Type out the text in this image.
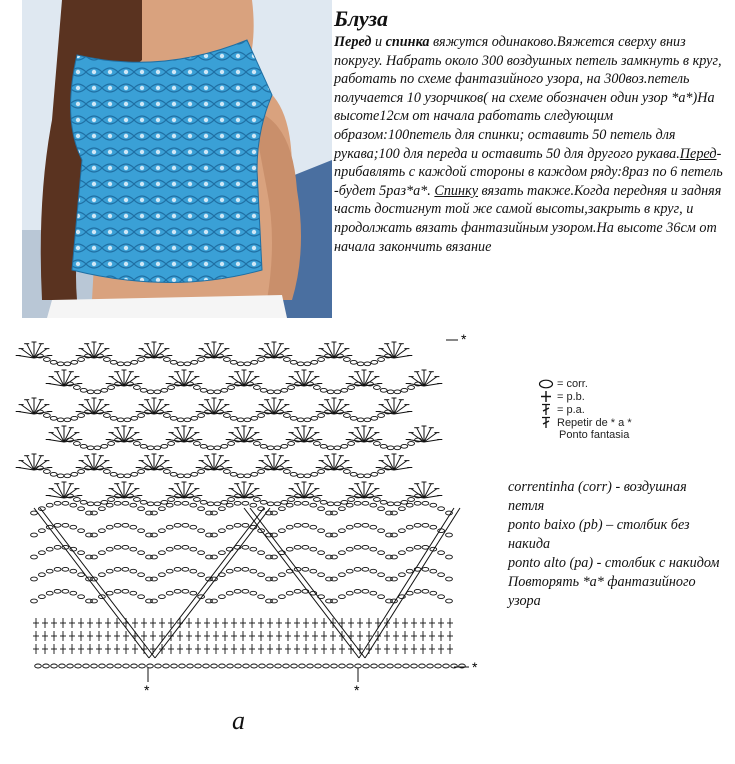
Блуза
Перед и спинка вяжутся одинаково.Вяжется сверху вниз покругу. Набрать около 300 воздушных петель замкнуть в круг, работать по схеме фантазийного узора, на 300воз.петель получается 10 узорчиков( на схеме обозначен один узор *а*)На высоте12см от начала работать следующим образом:100петель для спинки; оставить 50 петель для рукава;100 для переда и оставить 50 для другого рукава.Перед-прибавлять с каждой стороны в каждом ряду:8раз по 6 петель -будет 5раз*а*. Спинку вязать также.Когда передняя и задняя часть достигнут той же самой высоты,закрыть в круг, и продолжать вязать фантазийным узором.На высоте 36см от начала закончить вязание
*
*
*	*
а
= corr.
= p.b.
= p.a.
Repetir de * a *
Ponto fantasia

correntinha (corr) - воздушная петля

ponto baixo (pb) – столбик без накида

ponto alto (pa) - столбик с накидом

Повторять *а* фантазийного узора
